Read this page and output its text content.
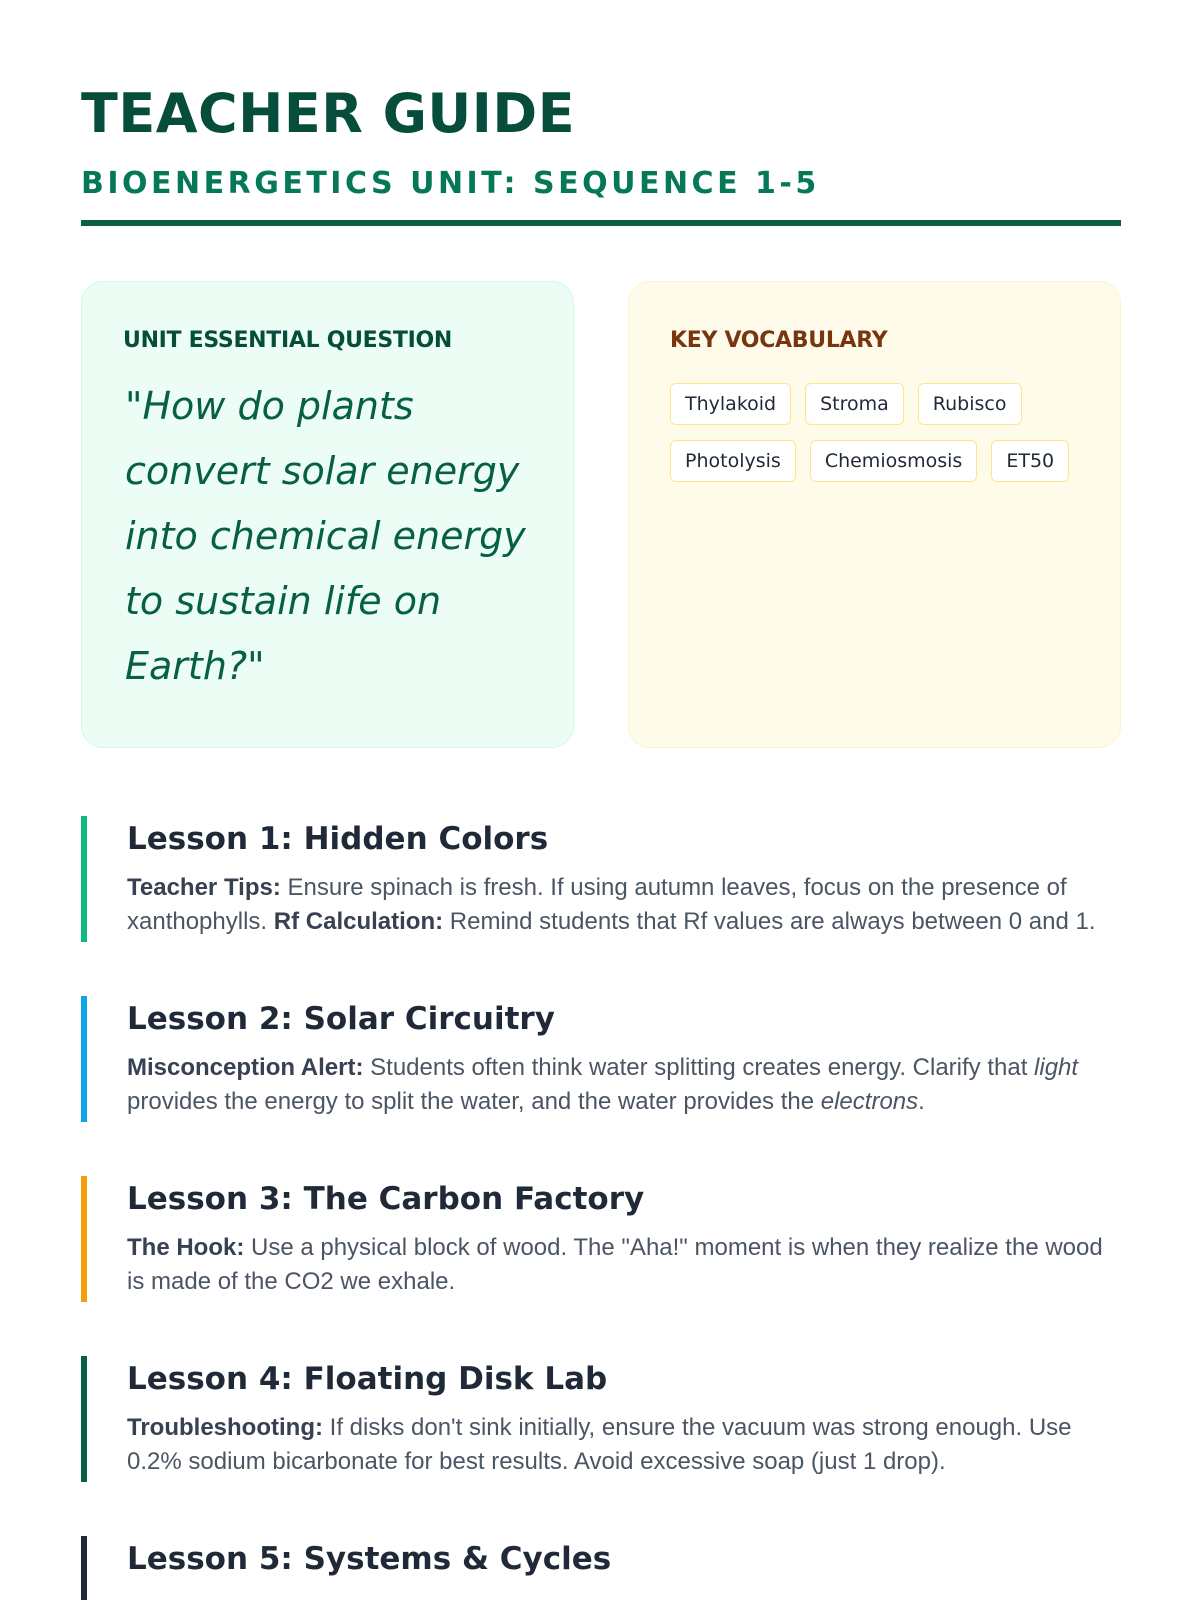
TEACHER GUIDE
BIOENERGETICS UNIT: SEQUENCE 1-5
UNIT ESSENTIAL QUESTION
"How do plants convert solar energy into chemical energy to sustain life on Earth?"
KEY VOCABULARY
Thylakoid	Stroma	Rubisco
Photolysis	Chemiosmosis	ET50
Lesson 1: Hidden Colors

Teacher Tips: Ensure spinach is fresh. If using autumn leaves, focus on the presence of xanthophylls. Rf Calculation: Remind students that Rf values are always between 0 and 1.

Lesson 2: Solar Circuitry

Misconception Alert: Students often think water splitting creates energy. Clarify that light provides the energy to split the water, and the water provides the electrons.

Lesson 3: The Carbon Factory

The Hook: Use a physical block of wood. The "Aha!" moment is when they realize the wood is made of the CO2 we exhale.

Lesson 4: Floating Disk Lab

Troubleshooting: If disks don't sink initially, ensure the vacuum was strong enough. Use 0.2% sodium bicarbonate for best results. Avoid excessive soap (just 1 drop).

Lesson 5: Systems & Cycles
